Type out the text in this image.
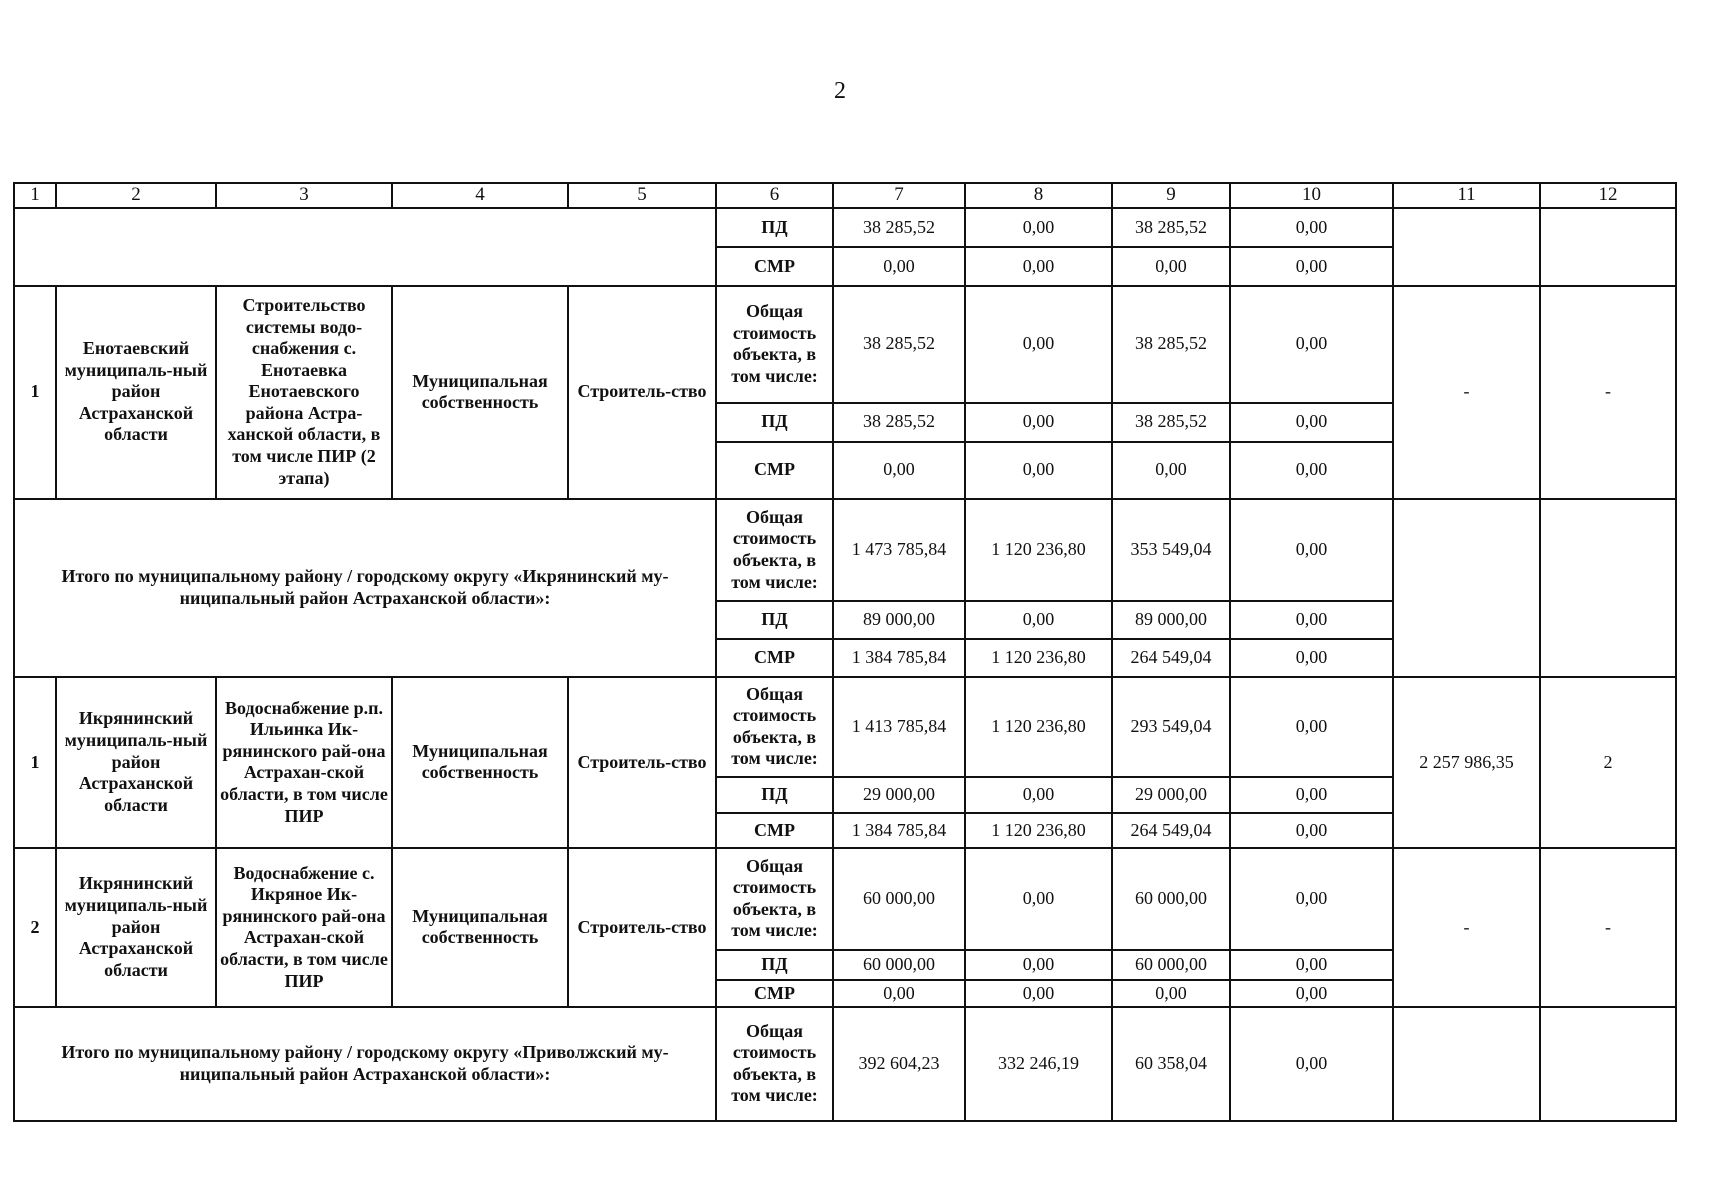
2
1	2	3	4	5	6	7	8	9	10	11	12
					ПД	38 285,52	0,00	38 285,52	0,00		
					СМР	0,00	0,00	0,00	0,00		
1	Енотаевский муниципаль-ный район Астраханской области	Строительство системы водо-снабжения с. Енотаевка Енотаевского района Астра-ханской области, в том числе ПИР (2 этапа)	Муниципальная собственность	Строитель-ство	Общая стоимость объекта, в том числе:	38 285,52	0,00	38 285,52	0,00	-	-
					ПД	38 285,52	0,00	38 285,52	0,00		
					СМР	0,00	0,00	0,00	0,00		
Итого по муниципальному району / городскому округу «Икрянинский му-ниципальный район Астраханской области»:					Общая стоимость объекта, в том числе:	1 473 785,84	1 120 236,80	353 549,04	0,00		
					ПД	89 000,00	0,00	89 000,00	0,00		
					СМР	1 384 785,84	1 120 236,80	264 549,04	0,00		
1	Икрянинский муниципаль-ный район Астраханской области	Водоснабжение р.п. Ильинка Ик-рянинского рай-она Астрахан-ской области, в том числе ПИР	Муниципальная собственность	Строитель-ство	Общая стоимость объекта, в том числе:	1 413 785,84	1 120 236,80	293 549,04	0,00	2 257 986,35	2
					ПД	29 000,00	0,00	29 000,00	0,00		
					СМР	1 384 785,84	1 120 236,80	264 549,04	0,00		
2	Икрянинский муниципаль-ный район Астраханской области	Водоснабжение с. Икряное Ик-рянинского рай-она Астрахан-ской области, в том числе ПИР	Муниципальная собственность	Строитель-ство	Общая стоимость объекта, в том числе:	60 000,00	0,00	60 000,00	0,00	-	-
					ПД	60 000,00	0,00	60 000,00	0,00		
					СМР	0,00	0,00	0,00	0,00		
Итого по муниципальному району / городскому округу «Приволжский му-ниципальный район Астраханской области»:					Общая стоимость объекта, в том числе:	392 604,23	332 246,19	60 358,04	0,00		
